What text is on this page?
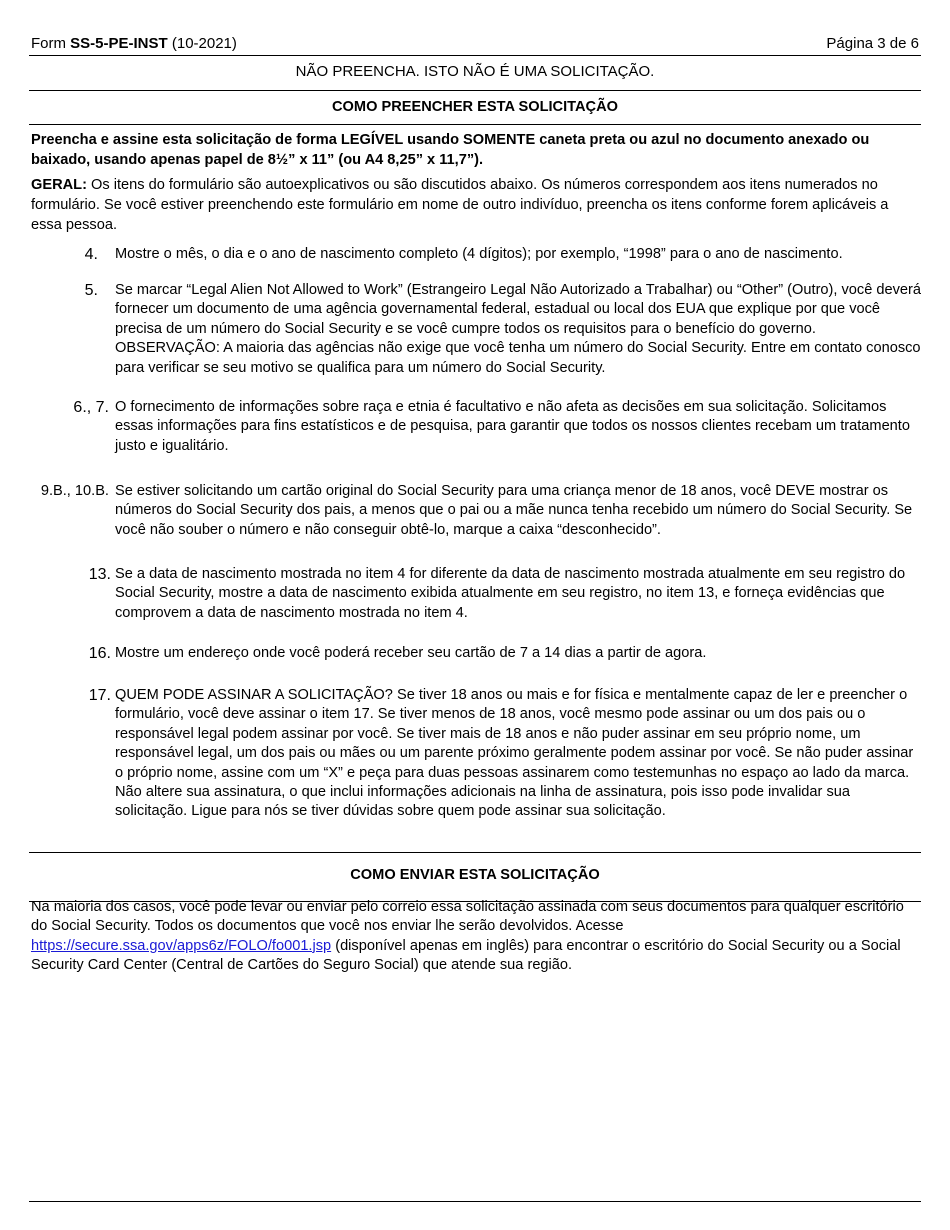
Form SS-5-PE-INST (10-2021)	Página 3 de 6
NÃO PREENCHA. ISTO NÃO É UMA SOLICITAÇÃO.
COMO PREENCHER ESTA SOLICITAÇÃO
Preencha e assine esta solicitação de forma LEGÍVEL usando SOMENTE caneta preta ou azul no documento anexado ou baixado, usando apenas papel de 8½” x 11” (ou A4 8,25” x 11,7”).
GERAL: Os itens do formulário são autoexplicativos ou são discutidos abaixo. Os números correspondem aos itens numerados no formulário. Se você estiver preenchendo este formulário em nome de outro indivíduo, preencha os itens conforme forem aplicáveis a essa pessoa.
4. Mostre o mês, o dia e o ano de nascimento completo (4 dígitos); por exemplo, “1998” para o ano de nascimento.
5. Se marcar “Legal Alien Not Allowed to Work” (Estrangeiro Legal Não Autorizado a Trabalhar) ou “Other” (Outro), você deverá fornecer um documento de uma agência governamental federal, estadual ou local dos EUA que explique por que você precisa de um número do Social Security e se você cumpre todos os requisitos para o benefício do governo. OBSERVAÇÃO: A maioria das agências não exige que você tenha um número do Social Security. Entre em contato conosco para verificar se seu motivo se qualifica para um número do Social Security.
6., 7. O fornecimento de informações sobre raça e etnia é facultativo e não afeta as decisões em sua solicitação. Solicitamos essas informações para fins estatísticos e de pesquisa, para garantir que todos os nossos clientes recebam um tratamento justo e igualitário.
9.B., 10.B. Se estiver solicitando um cartão original do Social Security para uma criança menor de 18 anos, você DEVE mostrar os números do Social Security dos pais, a menos que o pai ou a mãe nunca tenha recebido um número do Social Security. Se você não souber o número e não conseguir obtê-lo, marque a caixa “desconhecido”.
13. Se a data de nascimento mostrada no item 4 for diferente da data de nascimento mostrada atualmente em seu registro do Social Security, mostre a data de nascimento exibida atualmente em seu registro, no item 13, e forneça evidências que comprovem a data de nascimento mostrada no item 4.
16. Mostre um endereço onde você poderá receber seu cartão de 7 a 14 dias a partir de agora.
17. QUEM PODE ASSINAR A SOLICITAÇÃO? Se tiver 18 anos ou mais e for física e mentalmente capaz de ler e preencher o formulário, você deve assinar o item 17. Se tiver menos de 18 anos, você mesmo pode assinar ou um dos pais ou o responsável legal podem assinar por você. Se tiver mais de 18 anos e não puder assinar em seu próprio nome, um responsável legal, um dos pais ou mães ou um parente próximo geralmente podem assinar por você. Se não puder assinar o próprio nome, assine com um “X” e peça para duas pessoas assinarem como testemunhas no espaço ao lado da marca. Não altere sua assinatura, o que inclui informações adicionais na linha de assinatura, pois isso pode invalidar sua solicitação. Ligue para nós se tiver dúvidas sobre quem pode assinar sua solicitação.
COMO ENVIAR ESTA SOLICITAÇÃO
Na maioria dos casos, você pode levar ou enviar pelo correio essa solicitação assinada com seus documentos para qualquer escritório do Social Security. Todos os documentos que você nos enviar lhe serão devolvidos. Acesse https://secure.ssa.gov/apps6z/FOLO/fo001.jsp (disponível apenas em inglês) para encontrar o escritório do Social Security ou a Social Security Card Center (Central de Cartões do Seguro Social) que atende sua região.
